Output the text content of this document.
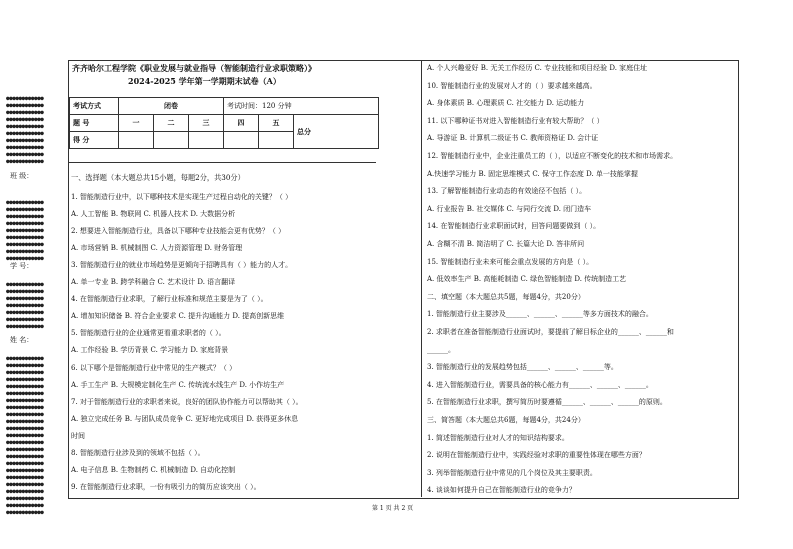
●●●●●●●●●●●●
●●●●●●●●●●●●
●●●●●●●●●●●●
●●●●●●●●●●●●
●●●●●●●●●●●●
●●●●●●●●●●●●
●●●●●●●●●●●●
●●●●●●●●●●●●
●●●●●●●●●●●●
●●●●●●●●●●●●
班 级：
●●●●●●●●●●●●
●●●●●●●●●●●●
●●●●●●●●●●●●
●●●●●●●●●●●●
●●●●●●●●●●●●
●●●●●●●●●●●●
●●●●●●●●●●●●
●●●●●●●●●●●●
●●●●●●●●●●●●
学 号：
●●●●●●●●●●●●
●●●●●●●●●●●●
●●●●●●●●●●●●
●●●●●●●●●●●●
●●●●●●●●●●●●
●●●●●●●●●●●●
●●●●●●●●●●●●
姓 名：
●●●●●●●●●●●●
●●●●●●●●●●●●
●●●●●●●●●●●●
●●●●●●●●●●●●
●●●●●●●●●●●●
●●●●●●●●●●●●
●●●●●●●●●●●●
●●●●●●●●●●●●
●●●●●●●●●●●●
●●●●●●●●●●●●
●●●●●●●●●●●●
●●●●●●●●●●●●
●●●●●●●●●●●●
●●●●●●●●●●●●
●●●●●●●●●●●●
●●●●●●●●●●●●
●●●●●●●●●●●●
●●●●●●●●●●●●
●●●●●●●●●●●●
●●●●●●●●●●●●
●●●●●●●●●●●●
●●●●●●●●●●●●
●●●●●●●●●●●●
齐齐哈尔工程学院《职业发展与就业指导（智能制造行业求职策略）》
2024-2025 学年第一学期期末试卷（A）
考试方式	闭卷			考试时间：120 分钟		
题 号	一	二	三	四	五	总分
得 分						
一、选择题（本大题总共15小题，每题2分，共30分）
1. 智能制造行业中，以下哪种技术是实现生产过程自动化的关键？（ ）
A. 人工智能 B. 物联网 C. 机器人技术 D. 大数据分析
2. 想要进入智能制造行业，具备以下哪种专业技能会更有优势？（ ）
A. 市场营销 B. 机械制图 C. 人力资源管理 D. 财务管理
3. 智能制造行业的就业市场趋势是更倾向于招聘具有（ ）能力的人才。
A. 单一专业 B. 跨学科融合 C. 艺术设计 D. 语言翻译
4. 在智能制造行业求职，了解行业标准和规范主要是为了（ ）。
A. 增加知识储备 B. 符合企业要求 C. 提升沟通能力 D. 提高创新思维
5. 智能制造行业的企业通常更看重求职者的（ ）。
A. 工作经验 B. 学历背景 C. 学习能力 D. 家庭背景
6. 以下哪个是智能制造行业中常见的生产模式？（ ）
A. 手工生产 B. 大规模定制化生产 C. 传统流水线生产 D. 小作坊生产
7. 对于智能制造行业的求职者来说，良好的团队协作能力可以帮助其（ ）。
A. 独立完成任务 B. 与团队成员竞争 C. 更好地完成项目 D. 获得更多休息
时间
8. 智能制造行业涉及到的领域不包括（ ）。
A. 电子信息 B. 生物制药 C. 机械制造 D. 自动化控制
9. 在智能制造行业求职，一份有吸引力的简历应该突出（ ）。
A. 个人兴趣爱好 B. 无关工作经历 C. 专业技能和项目经验 D. 家庭住址
10. 智能制造行业的发展对人才的（ ）要求越来越高。
A. 身体素质 B. 心理素质 C. 社交能力 D. 运动能力
11. 以下哪种证书对进入智能制造行业有较大帮助？（ ）
A. 导游证 B. 计算机二级证书 C. 教师资格证 D. 会计证
12. 智能制造行业中，企业注重员工的（ ），以适应不断变化的技术和市场需求。
A.快速学习能力 B. 固定思维模式 C. 保守工作态度 D. 单一技能掌握
13. 了解智能制造行业动态的有效途径不包括（ ）。
A. 行业报告 B. 社交媒体 C. 与同行交流 D. 闭门造车
14. 在智能制造行业求职面试时，回答问题要做到（ ）。
A. 含糊不清 B. 简洁明了 C. 长篇大论 D. 答非所问
15. 智能制造行业未来可能会重点发展的方向是（ ）。
A. 低效率生产 B. 高能耗制造 C. 绿色智能制造 D. 传统制造工艺
二、填空题（本大题总共5题，每题4分，共20分）
1. 智能制造行业主要涉及______、______、______等多方面技术的融合。
2. 求职者在准备智能制造行业面试时，要提前了解目标企业的______、______和
______。
3. 智能制造行业的发展趋势包括______、______、______等。
4. 进入智能制造行业，需要具备的核心能力有______、______、______。
5. 在智能制造行业求职，撰写简历时要遵循______、______、______的原则。
三、简答题（本大题总共6题，每题4分，共24分）
1. 简述智能制造行业对人才的知识结构要求。
2. 说明在智能制造行业中，实践经验对求职的重要性体现在哪些方面？
3. 列举智能制造行业中常见的几个岗位及其主要职责。
4. 谈谈如何提升自己在智能制造行业的竞争力？
第 1 页 共 2 页
